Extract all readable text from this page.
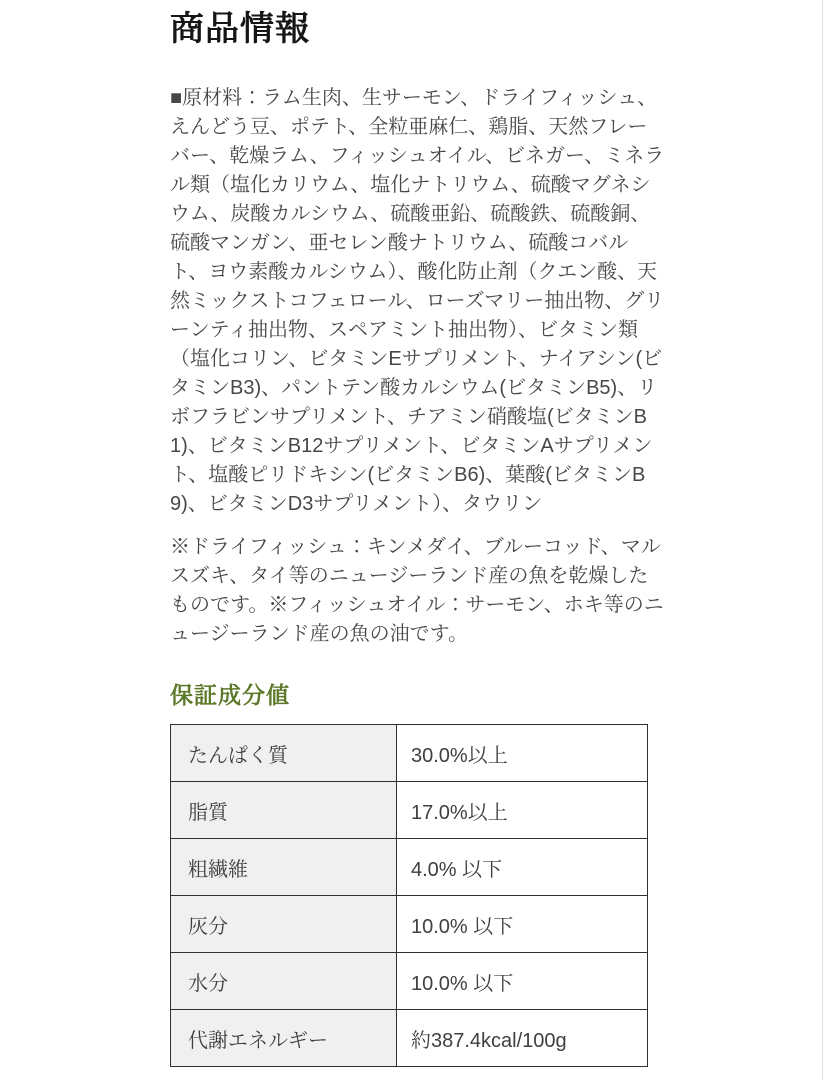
商品情報

■原材料：ラム生肉、生サーモン、ドライフィッシュ、えんどう豆、ポテト、全粒亜麻仁、鶏脂、天然フレーバー、乾燥ラム、フィッシュオイル、ビネガー、ミネラル類（塩化カリウム、塩化ナトリウム、硫酸マグネシウム、炭酸カルシウム、硫酸亜鉛、硫酸鉄、硫酸銅、硫酸マンガン、亜セレン酸ナトリウム、硫酸コバルト、ヨウ素酸カルシウム）、酸化防止剤（クエン酸、天然ミックストコフェロール、ローズマリー抽出物、グリーンティ抽出物、スペアミント抽出物）、ビタミン類（塩化コリン、ビタミンEサプリメント、ナイアシン(ビタミンB3)、パントテン酸カルシウム(ビタミンB5)、リボフラビンサプリメント、チアミン硝酸塩(ビタミンB1)、ビタミンB12サプリメント、ビタミンAサプリメント、塩酸ピリドキシン(ビタミンB6)、葉酸(ビタミンB9)、ビタミンD3サプリメント）、タウリン

※ドライフィッシュ：キンメダイ、ブルーコッド、マルスズキ、タイ等のニュージーランド産の魚を乾燥したものです。※フィッシュオイル：サーモン、ホキ等のニュージーランド産の魚の油です。

保証成分値
たんぱく質	30.0%以上
脂質	17.0%以上
粗繊維	4.0% 以下
灰分	10.0% 以下
水分	10.0% 以下
代謝エネルギー	約387.4kcal/100g
